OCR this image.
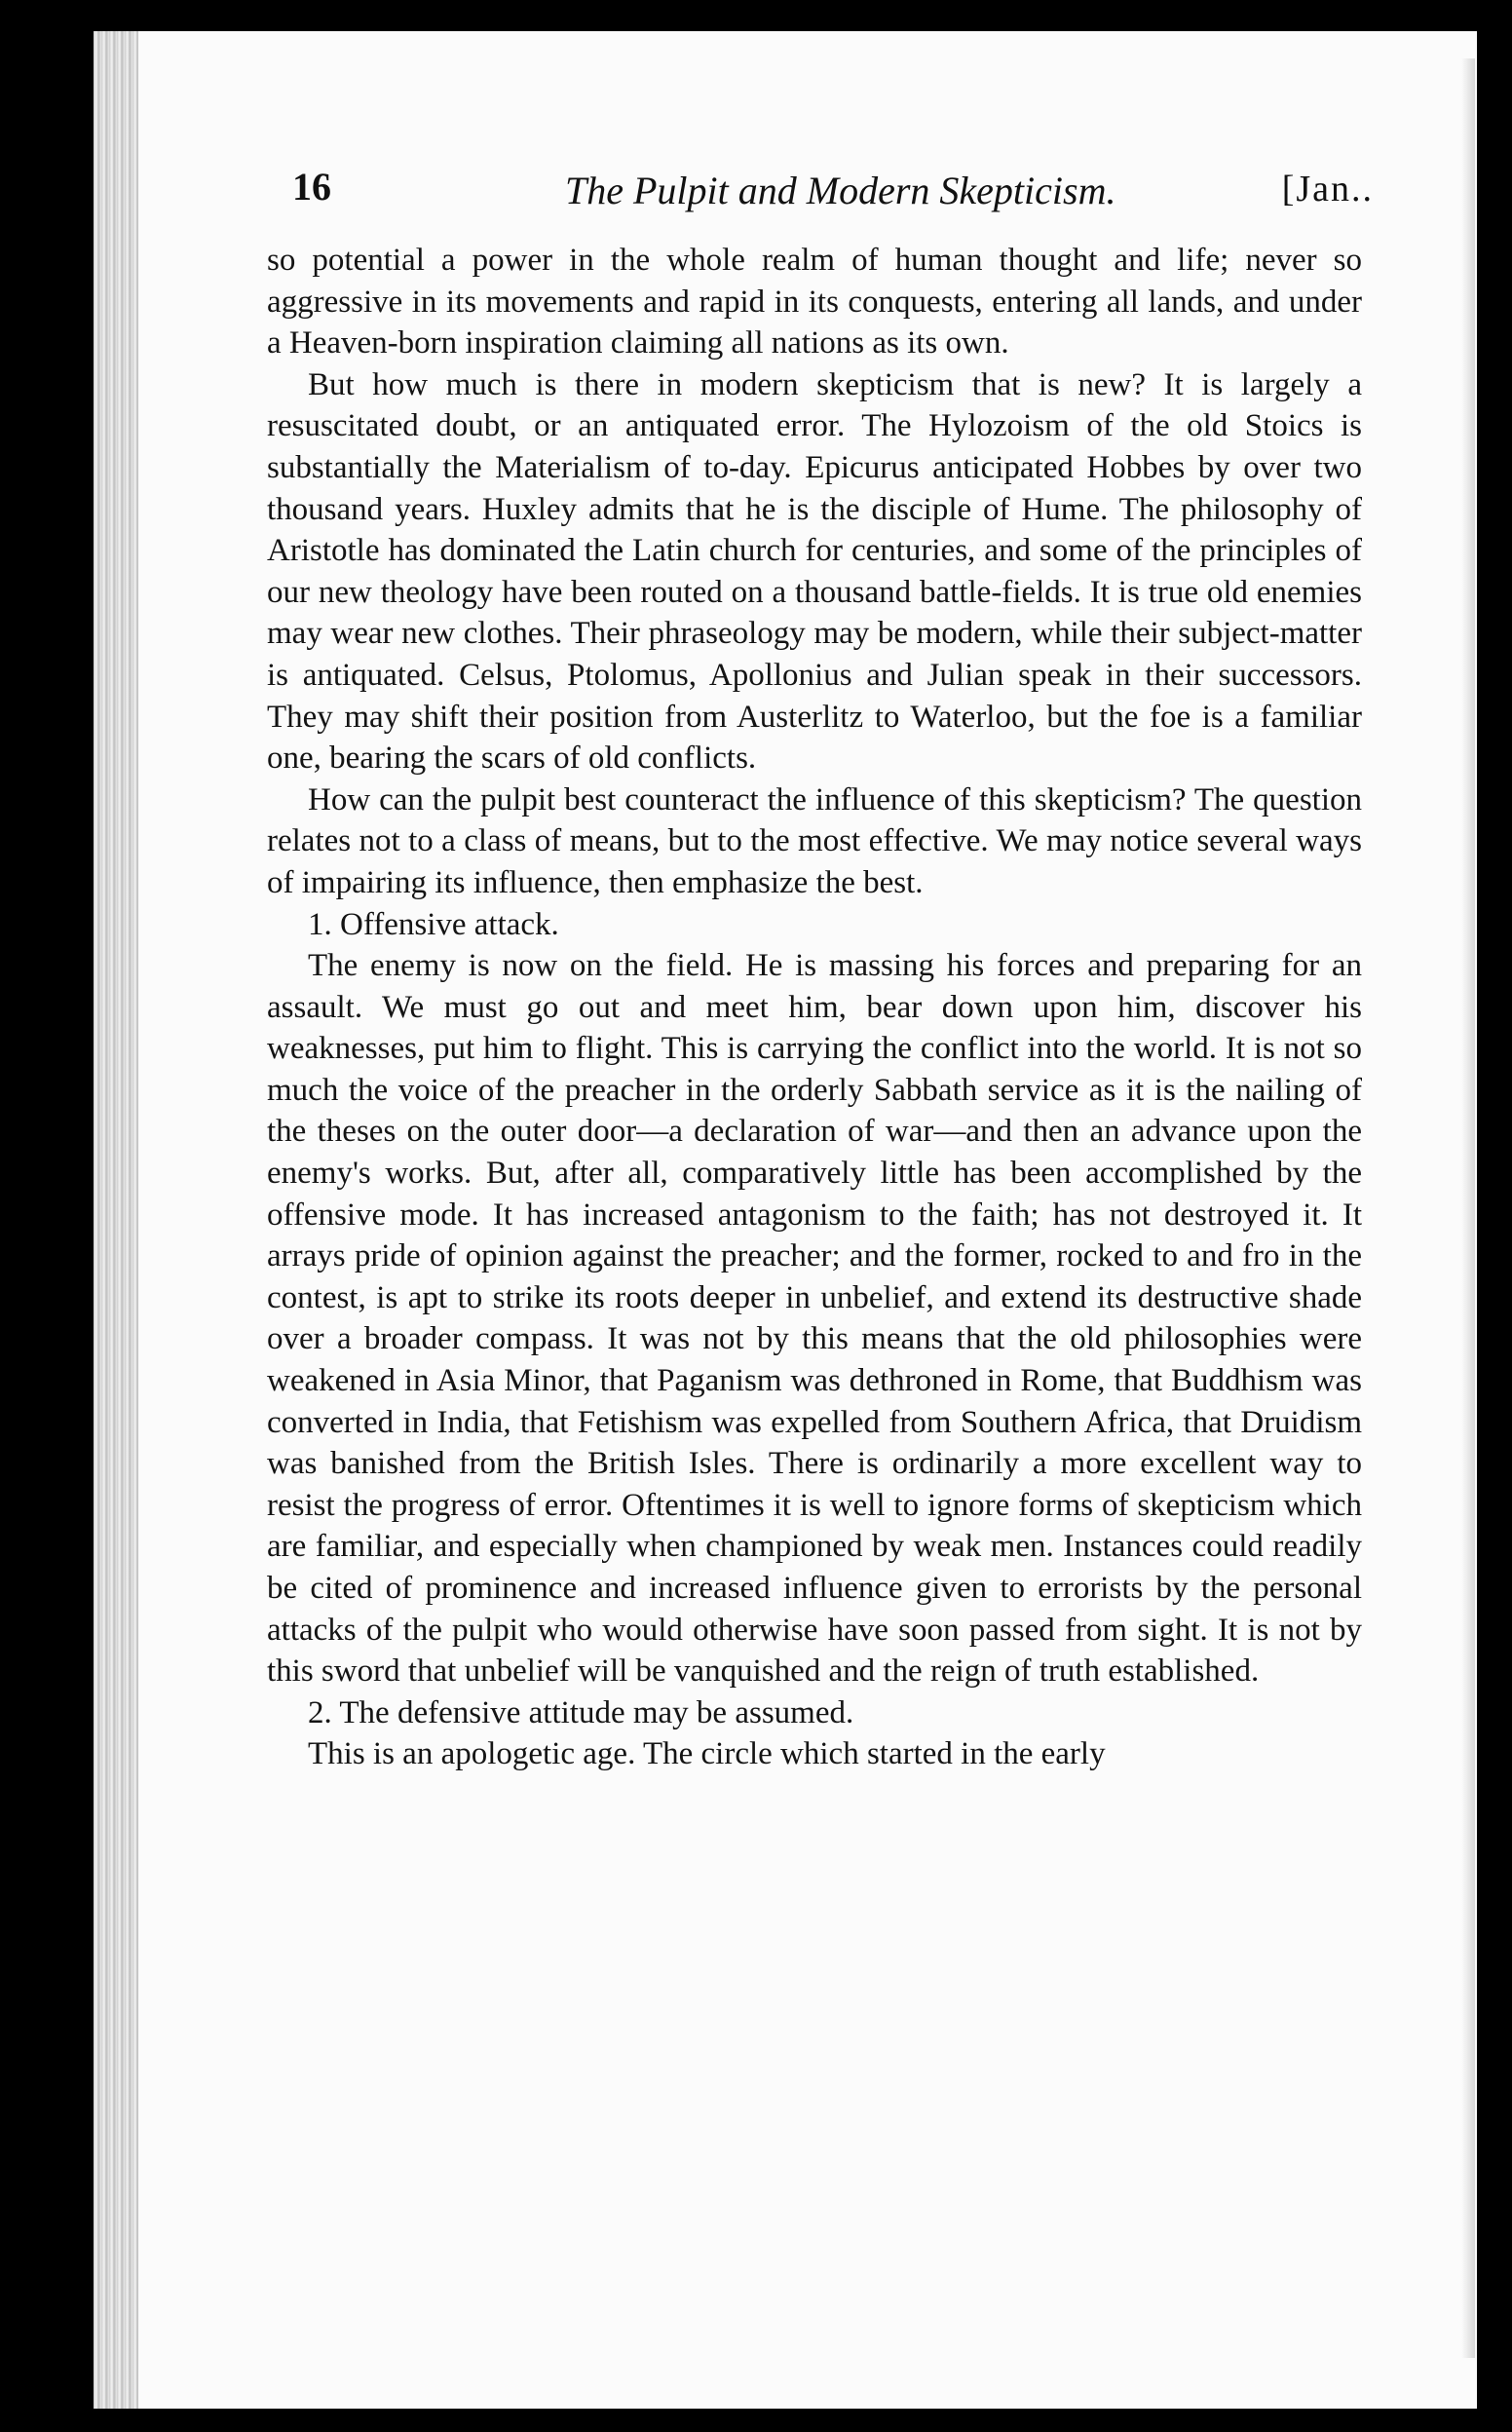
16	The Pulpit and Modern Skepticism.	[Jan..

so potential a power in the whole realm of human thought and life; never so aggressive in its movements and rapid in its conquests, entering all lands, and under a Heaven-born inspiration claiming all nations as its own.

But how much is there in modern skepticism that is new? It is largely a resuscitated doubt, or an antiquated error. The Hylozoism of the old Stoics is substantially the Materialism of to-day. Epicurus anticipated Hobbes by over two thousand years. Huxley admits that he is the disciple of Hume. The philosophy of Aristotle has dominated the Latin church for centuries, and some of the principles of our new theology have been routed on a thousand battle-fields. It is true old enemies may wear new clothes. Their phraseology may be modern, while their subject-matter is antiquated. Celsus, Ptolomus, Apollonius and Julian speak in their successors. They may shift their position from Austerlitz to Waterloo, but the foe is a familiar one, bearing the scars of old conflicts.

How can the pulpit best counteract the influence of this skepticism? The question relates not to a class of means, but to the most effective. We may notice several ways of impairing its influence, then emphasize the best.

1. Offensive attack.

The enemy is now on the field. He is massing his forces and preparing for an assault. We must go out and meet him, bear down upon him, discover his weaknesses, put him to flight. This is carrying the conflict into the world. It is not so much the voice of the preacher in the orderly Sabbath service as it is the nailing of the theses on the outer door—a declaration of war—and then an advance upon the enemy's works. But, after all, comparatively little has been accomplished by the offensive mode. It has increased antagonism to the faith; has not destroyed it. It arrays pride of opinion against the preacher; and the former, rocked to and fro in the contest, is apt to strike its roots deeper in unbelief, and extend its destructive shade over a broader compass. It was not by this means that the old philosophies were weakened in Asia Minor, that Paganism was dethroned in Rome, that Buddhism was converted in India, that Fetishism was expelled from Southern Africa, that Druidism was banished from the British Isles. There is ordinarily a more excellent way to resist the progress of error. Oftentimes it is well to ignore forms of skepticism which are familiar, and especially when championed by weak men. Instances could readily be cited of prominence and increased influence given to errorists by the personal attacks of the pulpit who would otherwise have soon passed from sight. It is not by this sword that unbelief will be vanquished and the reign of truth established.

2. The defensive attitude may be assumed.

This is an apologetic age. The circle which started in the early
